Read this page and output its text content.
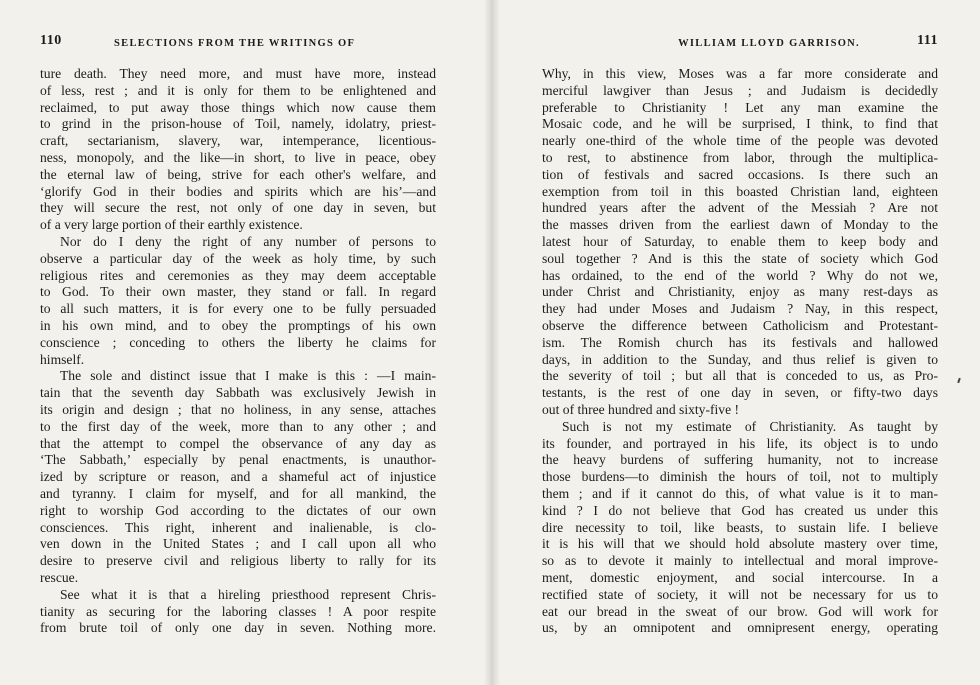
110	SELECTIONS FROM THE WRITINGS OF
ture death. They need more, and must have more, instead
of less, rest ; and it is only for them to be enlightened and
reclaimed, to put away those things which now cause them
to grind in the prison-house of Toil, namely, idolatry, priest-
craft, sectarianism, slavery, war, intemperance, licentious-
ness, monopoly, and the like—in short, to live in peace, obey
the eternal law of being, strive for each other's welfare, and
‘glorify God in their bodies and spirits which are his’—and
they will secure the rest, not only of one day in seven, but
of a very large portion of their earthly existence.
Nor do I deny the right of any number of persons to
observe a particular day of the week as holy time, by such
religious rites and ceremonies as they may deem acceptable
to God. To their own master, they stand or fall. In regard
to all such matters, it is for every one to be fully persuaded
in his own mind, and to obey the promptings of his own
conscience ; conceding to others the liberty he claims for
himself.
The sole and distinct issue that I make is this : —I main-
tain that the seventh day Sabbath was exclusively Jewish in
its origin and design ; that no holiness, in any sense, attaches
to the first day of the week, more than to any other ; and
that the attempt to compel the observance of any day as
‘The Sabbath,’ especially by penal enactments, is unauthor-
ized by scripture or reason, and a shameful act of injustice
and tyranny. I claim for myself, and for all mankind, the
right to worship God according to the dictates of our own
consciences. This right, inherent and inalienable, is clo-
ven down in the United States ; and I call upon all who
desire to preserve civil and religious liberty to rally for its
rescue.
See what it is that a hireling priesthood represent Chris-
tianity as securing for the laboring classes ! A poor respite
from brute toil of only one day in seven. Nothing more.
WILLIAM LLOYD GARRISON.	111
Why, in this view, Moses was a far more considerate and
merciful lawgiver than Jesus ; and Judaism is decidedly
preferable to Christianity ! Let any man examine the
Mosaic code, and he will be surprised, I think, to find that
nearly one-third of the whole time of the people was devoted
to rest, to abstinence from labor, through the multiplica-
tion of festivals and sacred occasions. Is there such an
exemption from toil in this boasted Christian land, eighteen
hundred years after the advent of the Messiah ? Are not
the masses driven from the earliest dawn of Monday to the
latest hour of Saturday, to enable them to keep body and
soul together ? And is this the state of society which God
has ordained, to the end of the world ? Why do not we,
under Christ and Christianity, enjoy as many rest-days as
they had under Moses and Judaism ? Nay, in this respect,
observe the difference between Catholicism and Protestant-
ism. The Romish church has its festivals and hallowed
days, in addition to the Sunday, and thus relief is given to
the severity of toil ; but all that is conceded to us, as Pro-
testants, is the rest of one day in seven, or fifty-two days
out of three hundred and sixty-five !
Such is not my estimate of Christianity. As taught by
its founder, and portrayed in his life, its object is to undo
the heavy burdens of suffering humanity, not to increase
those burdens—to diminish the hours of toil, not to multiply
them ; and if it cannot do this, of what value is it to man-
kind ? I do not believe that God has created us under this
dire necessity to toil, like beasts, to sustain life. I believe
it is his will that we should hold absolute mastery over time,
so as to devote it mainly to intellectual and moral improve-
ment, domestic enjoyment, and social intercourse. In a
rectified state of society, it will not be necessary for us to
eat our bread in the sweat of our brow. God will work for
us, by an omnipotent and omnipresent energy, operating
